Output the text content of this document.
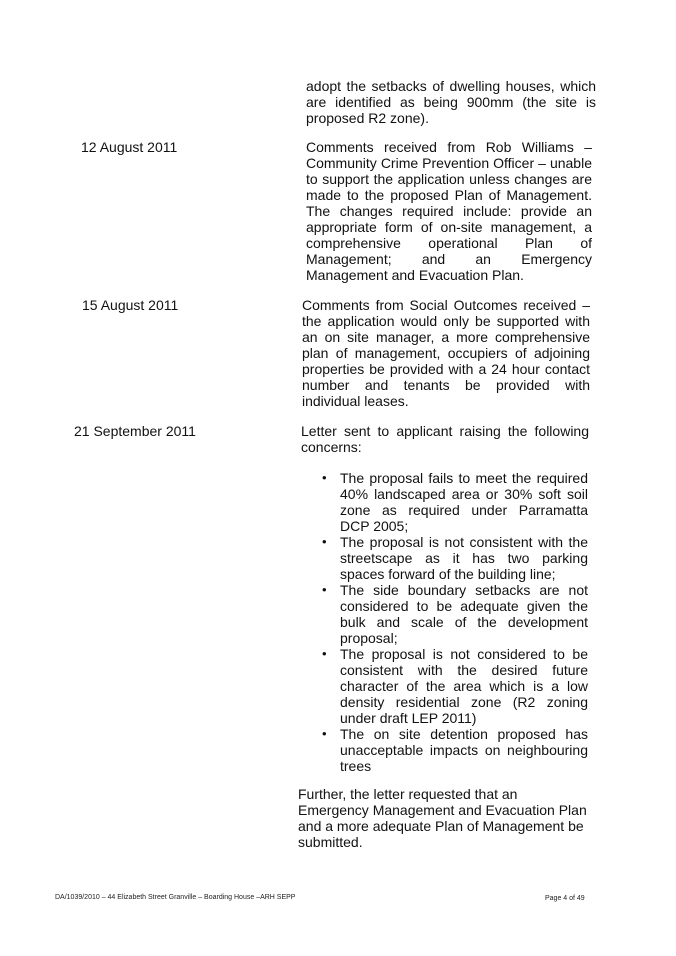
adopt the setbacks of dwelling houses, which are identified as being 900mm (the site is proposed R2 zone).
12 August 2011	Comments received from Rob Williams – Community Crime Prevention Officer – unable to support the application unless changes are made to the proposed Plan of Management. The changes required include: provide an appropriate form of on-site management, a comprehensive operational Plan of Management; and an Emergency Management and Evacuation Plan.
15 August 2011	Comments from Social Outcomes received – the application would only be supported with an on site manager, a more comprehensive plan of management, occupiers of adjoining properties be provided with a 24 hour contact number and tenants be provided with individual leases.
21 September 2011	Letter sent to applicant raising the following concerns:
• The proposal fails to meet the required 40% landscaped area or 30% soft soil zone as required under Parramatta DCP 2005;
• The proposal is not consistent with the streetscape as it has two parking spaces forward of the building line;
• The side boundary setbacks are not considered to be adequate given the bulk and scale of the development proposal;
• The proposal is not considered to be consistent with the desired future character of the area which is a low density residential zone (R2 zoning under draft LEP 2011)
• The on site detention proposed has unacceptable impacts on neighbouring trees
Further, the letter requested that an Emergency Management and Evacuation Plan and a more adequate Plan of Management be submitted.
DA/1039/2010 – 44 Elizabeth Street Granville – Boarding House –ARH SEPP	Page 4 of 49
